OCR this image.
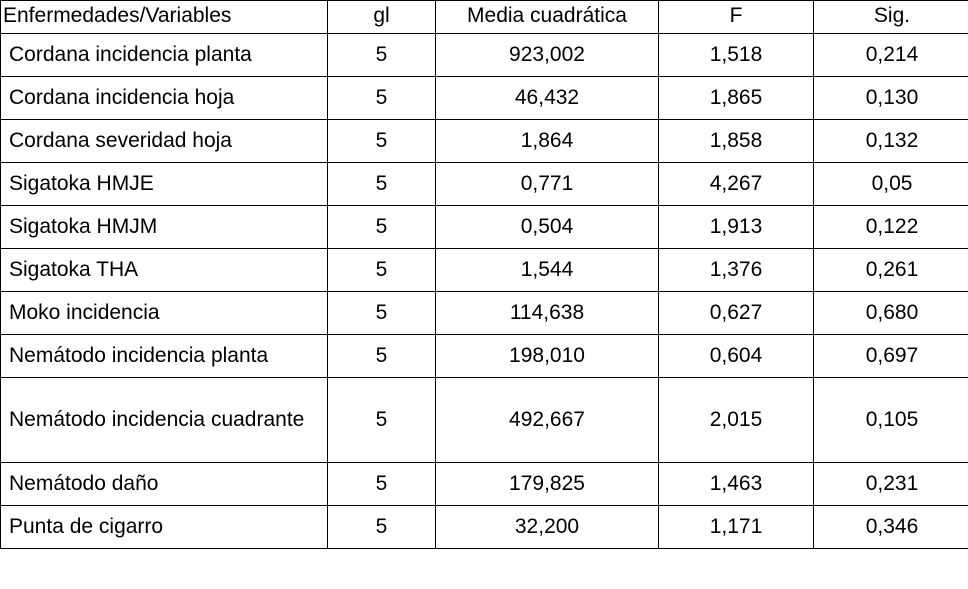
Enfermedades/Variables	gl	Media cuadrática	F	Sig.
Cordana incidencia planta	5	923,002	1,518	0,214
Cordana incidencia hoja	5	46,432	1,865	0,130
Cordana severidad hoja	5	1,864	1,858	0,132
Sigatoka HMJE	5	0,771	4,267	0,05
Sigatoka HMJM	5	0,504	1,913	0,122
Sigatoka THA	5	1,544	1,376	0,261
Moko incidencia	5	114,638	0,627	0,680
Nemátodo incidencia planta	5	198,010	0,604	0,697
Nemátodo incidencia cuadrante	5	492,667	2,015	0,105
Nemátodo daño	5	179,825	1,463	0,231
Punta de cigarro	5	32,200	1,171	0,346
